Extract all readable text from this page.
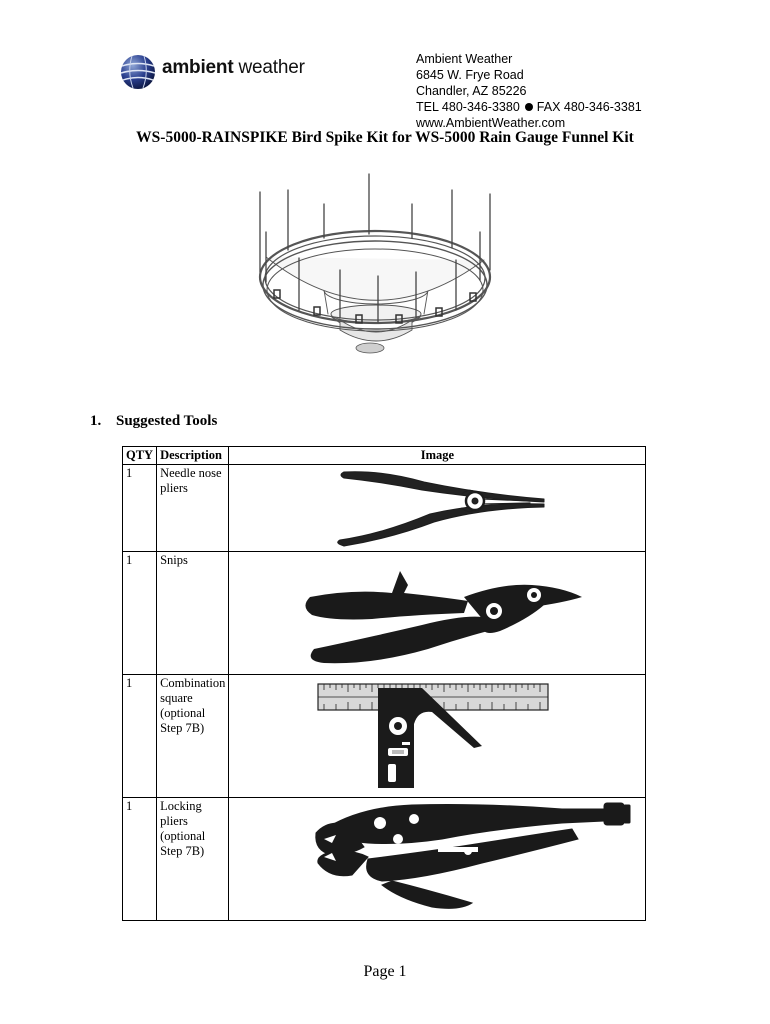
ambient weather	Ambient Weather
6845 W. Frye Road
Chandler, AZ 85226
TEL 480-346-3380 FAX 480-346-3381
www.AmbientWeather.com
WS-5000-RAINSPIKE Bird Spike Kit for WS-5000 Rain Gauge Funnel Kit
1. Suggested Tools
QTY	Description	Image
1	Needle nose pliers	

1	Snips	

1	Combination square (optional Step 7B)	

1	Locking pliers (optional Step 7B)	
Page 1
